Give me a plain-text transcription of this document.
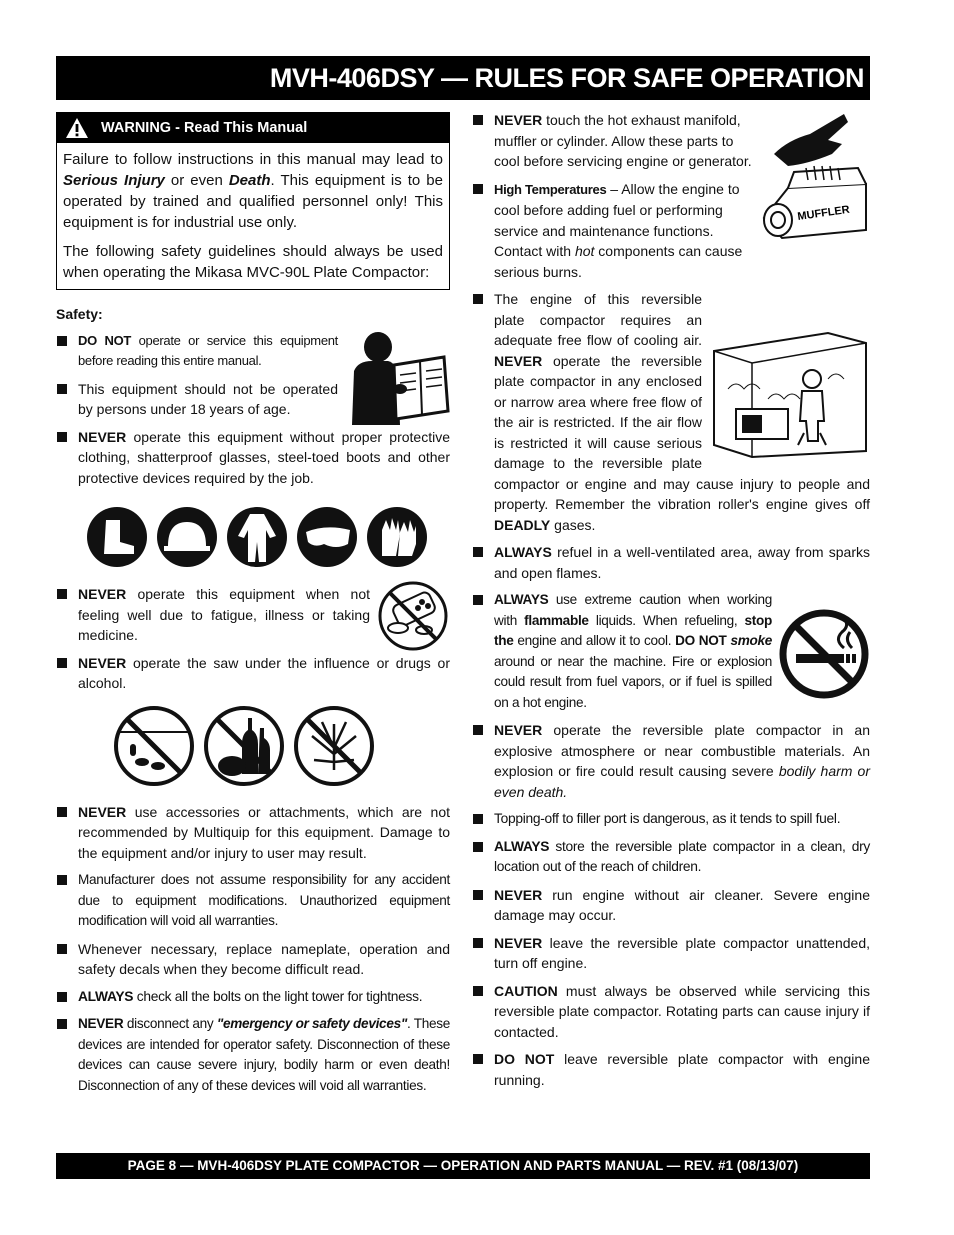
MVH-406DSY — RULES FOR SAFE OPERATION
WARNING - Read This Manual

Failure to follow instructions in this manual may lead to Serious Injury or even Death. This equipment is to be operated by trained and qualified personnel only! This equipment is for industrial use only.

The following safety guidelines should always be used when operating the Mikasa MVC-90L Plate Compactor:

Safety:
DO NOT operate or service this equipment before reading this entire manual.
This equipment should not be operated by persons under 18 years of age.
NEVER operate this equipment without proper protective clothing, shatterproof glasses, steel-toed boots and other protective devices required by the job.
NEVER operate this equipment when not feeling well due to fatigue, illness or taking medicine.
NEVER operate the saw under the influence or drugs or alcohol.
NEVER use accessories or attachments, which are not recommended by Multiquip for this equipment. Damage to the equipment and/or injury to user may result.
Manufacturer does not assume responsibility for any accident due to equipment modifications. Unauthorized equipment modification will void all warranties.
Whenever necessary, replace nameplate, operation and safety decals when they become difficult read.
ALWAYS check all the bolts on the light tower for tightness.
NEVER disconnect any "emergency or safety devices". These devices are intended for operator safety. Disconnection of these devices can cause severe injury, bodily harm or even death! Disconnection of any of these devices will void all warranties.
MUFFLER
NEVER touch the hot exhaust manifold, muffler or cylinder. Allow these parts to cool before servicing engine or generator.
High Temperatures – Allow the engine to cool before adding fuel or performing service and maintenance functions. Contact with hot components can cause serious burns.
The engine of this reversible plate compactor requires an adequate free flow of cooling air. NEVER operate the reversible plate compactor in any enclosed or narrow area where free flow of the air is restricted. If the air flow is restricted it will cause serious damage to the reversible plate compactor or engine and may cause injury to people and property. Remember the vibration roller's engine gives off DEADLY gases.
ALWAYS refuel in a well-ventilated area, away from sparks and open flames.
ALWAYS use extreme caution when working with flammable liquids. When refueling, stop the engine and allow it to cool. DO NOT smoke around or near the machine. Fire or explosion could result from fuel vapors, or if fuel is spilled on a hot engine.
NEVER operate the reversible plate compactor in an explosive atmosphere or near combustible materials. An explosion or fire could result causing severe bodily harm or even death.
Topping-off to filler port is dangerous, as it tends to spill fuel.
ALWAYS store the reversible plate compactor in a clean, dry location out of the reach of children.
NEVER run engine without air cleaner. Severe engine damage may occur.
NEVER leave the reversible plate compactor unattended, turn off engine.
CAUTION must always be observed while servicing this reversible plate compactor. Rotating parts can cause injury if contacted.
DO NOT leave reversible plate compactor with engine running.
PAGE 8 — MVH-406DSY PLATE COMPACTOR — OPERATION AND PARTS MANUAL — REV. #1 (08/13/07)
